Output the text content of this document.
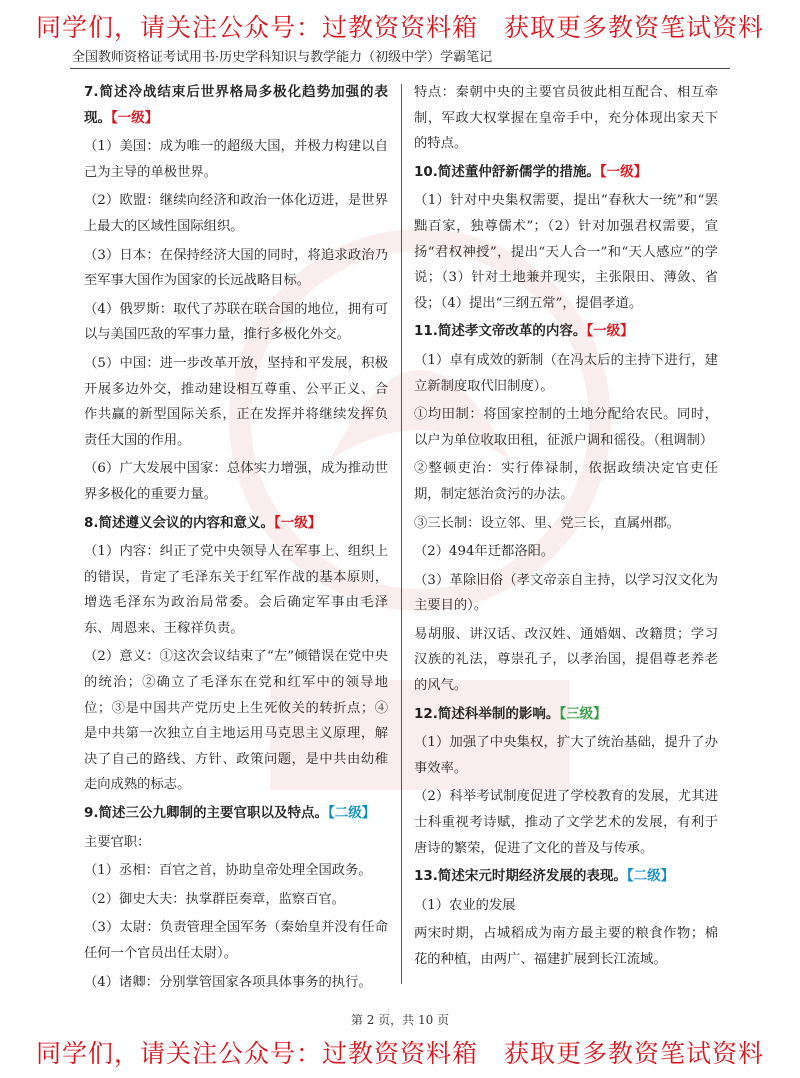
同学们，请关注公众号：过教资资料箱　获取更多教资笔试资料
全国教师资格证考试用书·历史学科知识与教学能力（初级中学）学霸笔记

7.简述冷战结束后世界格局多极化趋势加强的表现。【一级】

（1）美国：成为唯一的超级大国，并极力构建以自己为主导的单极世界。

（2）欧盟：继续向经济和政治一体化迈进，是世界上最大的区域性国际组织。

（3）日本：在保持经济大国的同时，将追求政治乃至军事大国作为国家的长远战略目标。

（4）俄罗斯：取代了苏联在联合国的地位，拥有可以与美国匹敌的军事力量，推行多极化外交。

（5）中国：进一步改革开放，坚持和平发展，积极开展多边外交，推动建设相互尊重、公平正义、合作共赢的新型国际关系，正在发挥并将继续发挥负责任大国的作用。

（6）广大发展中国家：总体实力增强，成为推动世界多极化的重要力量。

8.简述遵义会议的内容和意义。【一级】

（1）内容：纠正了党中央领导人在军事上、组织上的错误，肯定了毛泽东关于红军作战的基本原则，增选毛泽东为政治局常委。会后确定军事由毛泽东、周恩来、王稼祥负责。

（2）意义：①这次会议结束了“左”倾错误在党中央的统治；②确立了毛泽东在党和红军中的领导地位；③是中国共产党历史上生死攸关的转折点；④是中共第一次独立自主地运用马克思主义原理，解决了自己的路线、方针、政策问题，是中共由幼稚走向成熟的标志。

9.简述三公九卿制的主要官职以及特点。【二级】

主要官职：

（1）丞相：百官之首，协助皇帝处理全国政务。

（2）御史大夫：执掌群臣奏章，监察百官。

（3）太尉：负责管理全国军务（秦始皇并没有任命任何一个官员出任太尉）。

（4）诸卿：分别掌管国家各项具体事务的执行。

特点：秦朝中央的主要官员彼此相互配合、相互牵制，军政大权掌握在皇帝手中，充分体现出家天下的特点。

10.简述董仲舒新儒学的措施。【一级】

（1）针对中央集权需要，提出“春秋大一统”和“罢黜百家，独尊儒术”；（2）针对加强君权需要，宣扬“君权神授”，提出“天人合一”和“天人感应”的学说；（3）针对土地兼并现实，主张限田、薄敛、省役；（4）提出“三纲五常”，提倡孝道。

11.简述孝文帝改革的内容。【一级】

（1）卓有成效的新制（在冯太后的主持下进行，建立新制度取代旧制度）。

①均田制：将国家控制的土地分配给农民。同时，以户为单位收取田租，征派户调和徭役。（租调制）

②整顿吏治：实行俸禄制，依据政绩决定官吏任期，制定惩治贪污的办法。

③三长制：设立邻、里、党三长，直属州郡。

（2）494年迁都洛阳。

（3）革除旧俗（孝文帝亲自主持，以学习汉文化为主要目的）。

易胡服、讲汉话、改汉姓、通婚姻、改籍贯；学习汉族的礼法，尊崇孔子，以孝治国，提倡尊老养老的风气。

12.简述科举制的影响。【三级】

（1）加强了中央集权，扩大了统治基础，提升了办事效率。

（2）科举考试制度促进了学校教育的发展，尤其进士科重视考诗赋，推动了文学艺术的发展，有利于唐诗的繁荣，促进了文化的普及与传承。

13.简述宋元时期经济发展的表现。【二级】

（1）农业的发展

两宋时期，占城稻成为南方最主要的粮食作物；棉花的种植，由两广、福建扩展到长江流域。

第 2 页，共 10 页
同学们，请关注公众号：过教资资料箱　获取更多教资笔试资料
